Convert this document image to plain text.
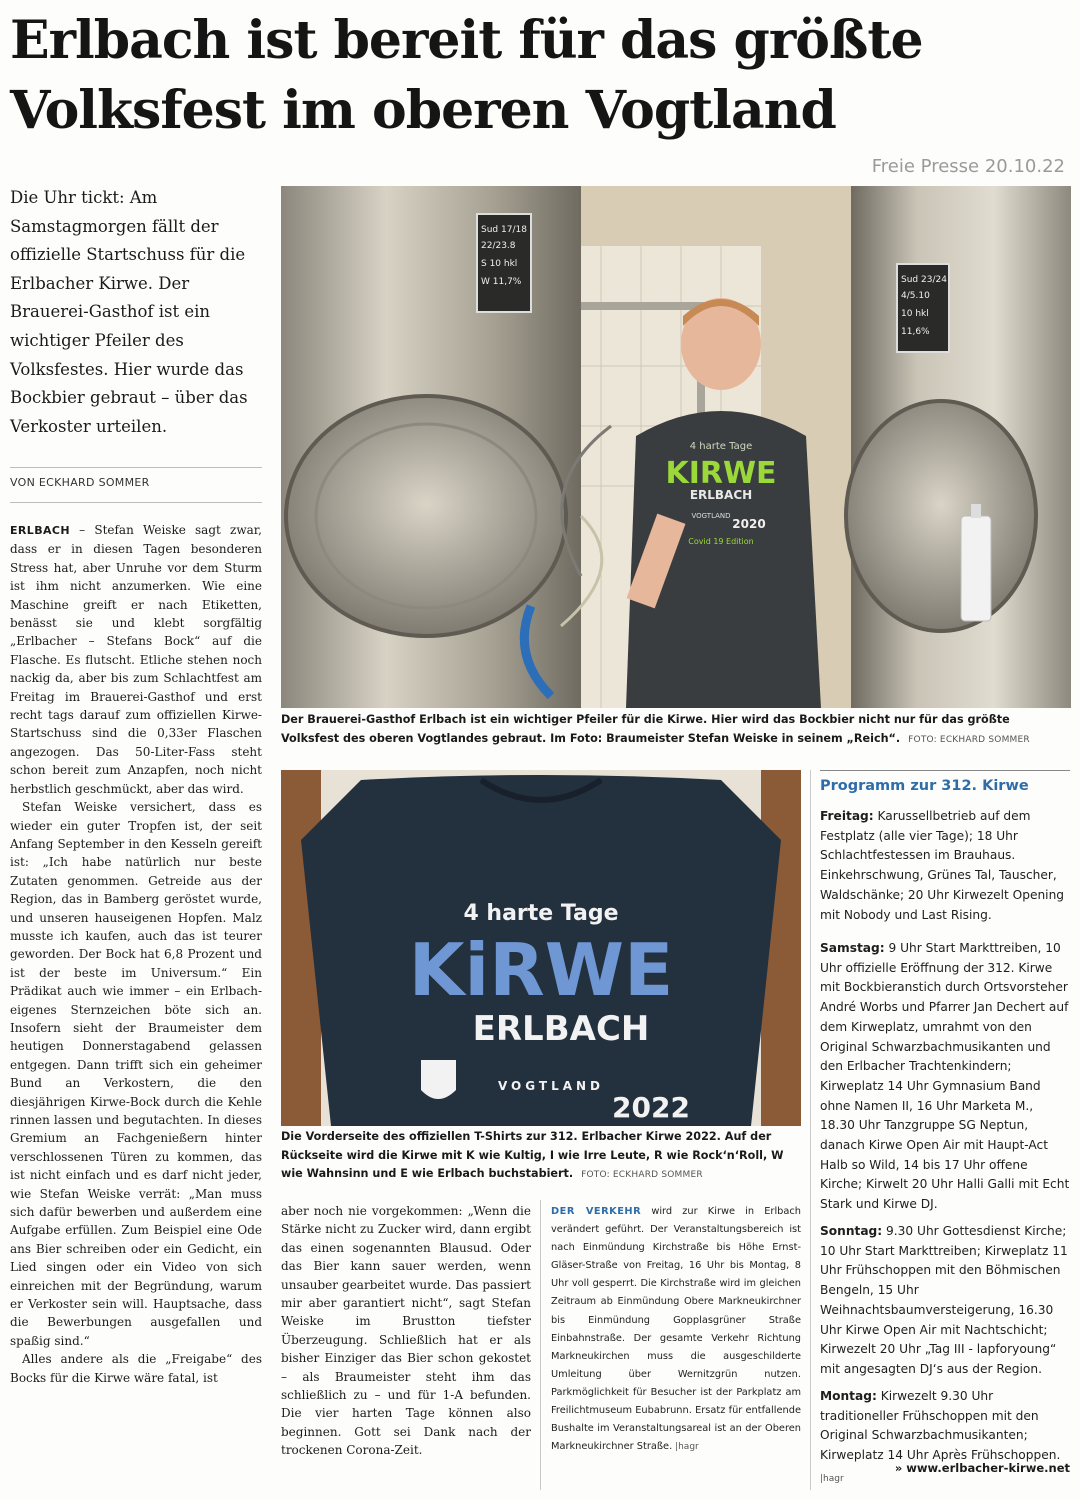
Erlbach ist bereit für das größte Volksfest im oberen Vogtland
Freie Presse 20.10.22

Die Uhr tickt: Am Samstagmorgen fällt der offizielle Startschuss für die Erlbacher Kirwe. Der Brauerei-Gasthof ist ein wichtiger Pfeiler des Volksfestes. Hier wurde das Bockbier gebraut – über das Verkoster urteilen.

VON ECKHARD SOMMER

ERLBACH – Stefan Weiske sagt zwar, dass er in diesen Tagen besonderen Stress hat, aber Unruhe vor dem Sturm ist ihm nicht anzumerken. Wie eine Maschine greift er nach Etiketten, benässt sie und klebt sorgfältig „Erlbacher – Stefans Bock“ auf die Flasche. Es flutscht. Etliche stehen noch nackig da, aber bis zum Schlachtfest am Freitag im Brauerei-Gasthof und erst recht tags darauf zum offiziellen Kirwe-Startschuss sind die 0,33er Flaschen angezogen. Das 50-Liter-Fass steht schon bereit zum Anzapfen, noch nicht herbstlich geschmückt, aber das wird.

Stefan Weiske versichert, dass es wieder ein guter Tropfen ist, der seit Anfang September in den Kesseln gereift ist: „Ich habe natürlich nur beste Zutaten genommen. Getreide aus der Region, das in Bamberg geröstet wurde, und unseren hauseigenen Hopfen. Malz musste ich kaufen, auch das ist teurer geworden. Der Bock hat 6,8 Prozent und ist der beste im Universum.“ Ein Prädikat auch wie immer – ein Erlbach-eigenes Sternzeichen böte sich an. Insofern sieht der Braumeister dem heutigen Donnerstagabend gelassen entgegen. Dann trifft sich ein geheimer Bund an Verkostern, die den diesjährigen Kirwe-Bock durch die Kehle rinnen lassen und begutachten. In dieses Gremium an Fachgenießern hinter verschlossenen Türen zu kommen, das ist nicht einfach und es darf nicht jeder, wie Stefan Weiske verrät: „Man muss sich dafür bewerben und außerdem eine Aufgabe erfüllen. Zum Beispiel eine Ode ans Bier schreiben oder ein Gedicht, ein Lied singen oder ein Video von sich einreichen mit der Begründung, warum er Verkoster sein will. Hauptsache, dass die Bewerbungen ausgefallen und spaßig sind.“

Alles andere als die „Freigabe“ des Bocks für die Kirwe wäre fatal, ist

4 harte Tage
KIRWE
ERLBACH
VOGTLAND
2020
Covid 19 Edition
Sud 17/18
22/23.8
S 10 hkl
W 11,7%	Sud 23/24
4/5.10
10 hkl
11,6%

Der Brauerei-Gasthof Erlbach ist ein wichtiger Pfeiler für die Kirwe. Hier wird das Bockbier nicht nur für das größte Volksfest des oberen Vogtlandes gebraut. Im Foto: Braumeister Stefan Weiske in seinem „Reich“. FOTO: ECKHARD SOMMER

4 harte Tage
KiRWE
ERLBACH
VOGTLAND
2022

Die Vorderseite des offiziellen T-Shirts zur 312. Erlbacher Kirwe 2022. Auf der Rückseite wird die Kirwe mit K wie Kultig, I wie Irre Leute, R wie Rock‘n‘Roll, W wie Wahnsinn und E wie Erlbach buchstabiert. FOTO: ECKHARD SOMMER

aber noch nie vorgekommen: „Wenn die Stärke nicht zu Zucker wird, dann ergibt das einen sogenannten Blausud. Oder das Bier kann sauer werden, wenn unsauber gearbeitet wurde. Das passiert mir aber garantiert nicht“, sagt Stefan Weiske im Brustton tiefster Überzeugung. Schließlich hat er als bisher Einziger das Bier schon gekostet – als Braumeister steht ihm das schließlich zu – und für 1-A befunden. Die vier harten Tage können also beginnen. Gott sei Dank nach der trockenen Corona-Zeit.

DER VERKEHR wird zur Kirwe in Erlbach verändert geführt. Der Veranstaltungsbereich ist nach Einmündung Kirchstraße bis Höhe Ernst-Gläser-Straße von Freitag, 16 Uhr bis Montag, 8 Uhr voll gesperrt. Die Kirchstraße wird im gleichen Zeitraum ab Einmündung Obere Markneukirchner bis Einmündung Gopplasgrüner Straße Einbahnstraße. Der gesamte Verkehr Richtung Markneukirchen muss die ausgeschilderte Umleitung über Wernitzgrün nutzen. Parkmöglichkeit für Besucher ist der Parkplatz am Freilichtmuseum Eubabrunn. Ersatz für entfallende Bushalte im Veranstaltungsareal ist an der Oberen Markneukirchner Straße. |hagr

Programm zur 312. Kirwe

Freitag: Karussellbetrieb auf dem Festplatz (alle vier Tage); 18 Uhr Schlachtfestessen im Brauhaus. Einkehrschwung, Grünes Tal, Tauscher, Waldschänke; 20 Uhr Kirwezelt Opening mit Nobody und Last Rising.

Samstag: 9 Uhr Start Markttreiben, 10 Uhr offizielle Eröffnung der 312. Kirwe mit Bockbieranstich durch Ortsvorsteher André Worbs und Pfarrer Jan Dechert auf dem Kirweplatz, umrahmt von den Original Schwarzbachmusikanten und den Erlbacher Trachtenkindern; Kirweplatz 14 Uhr Gymnasium Band ohne Namen II, 16 Uhr Marketa M., 18.30 Uhr Tanzgruppe SG Neptun, danach Kirwe Open Air mit Haupt-Act Halb so Wild, 14 bis 17 Uhr offene Kirche; Kirwelt 20 Uhr Halli Galli mit Echt Stark und Kirwe DJ.

Sonntag: 9.30 Uhr Gottesdienst Kirche; 10 Uhr Start Markttreiben; Kirweplatz 11 Uhr Frühschoppen mit den Böhmischen Bengeln, 15 Uhr Weihnachtsbaumversteigerung, 16.30 Uhr Kirwe Open Air mit Nachtschicht; Kirwezelt 20 Uhr „Tag III - lapforyoung“ mit angesagten DJ‘s aus der Region.

Montag: Kirwezelt 9.30 Uhr traditioneller Frühschoppen mit den Original Schwarzbachmusikanten; Kirweplatz 14 Uhr Après Frühschoppen. |hagr

» www.erlbacher-kirwe.net
